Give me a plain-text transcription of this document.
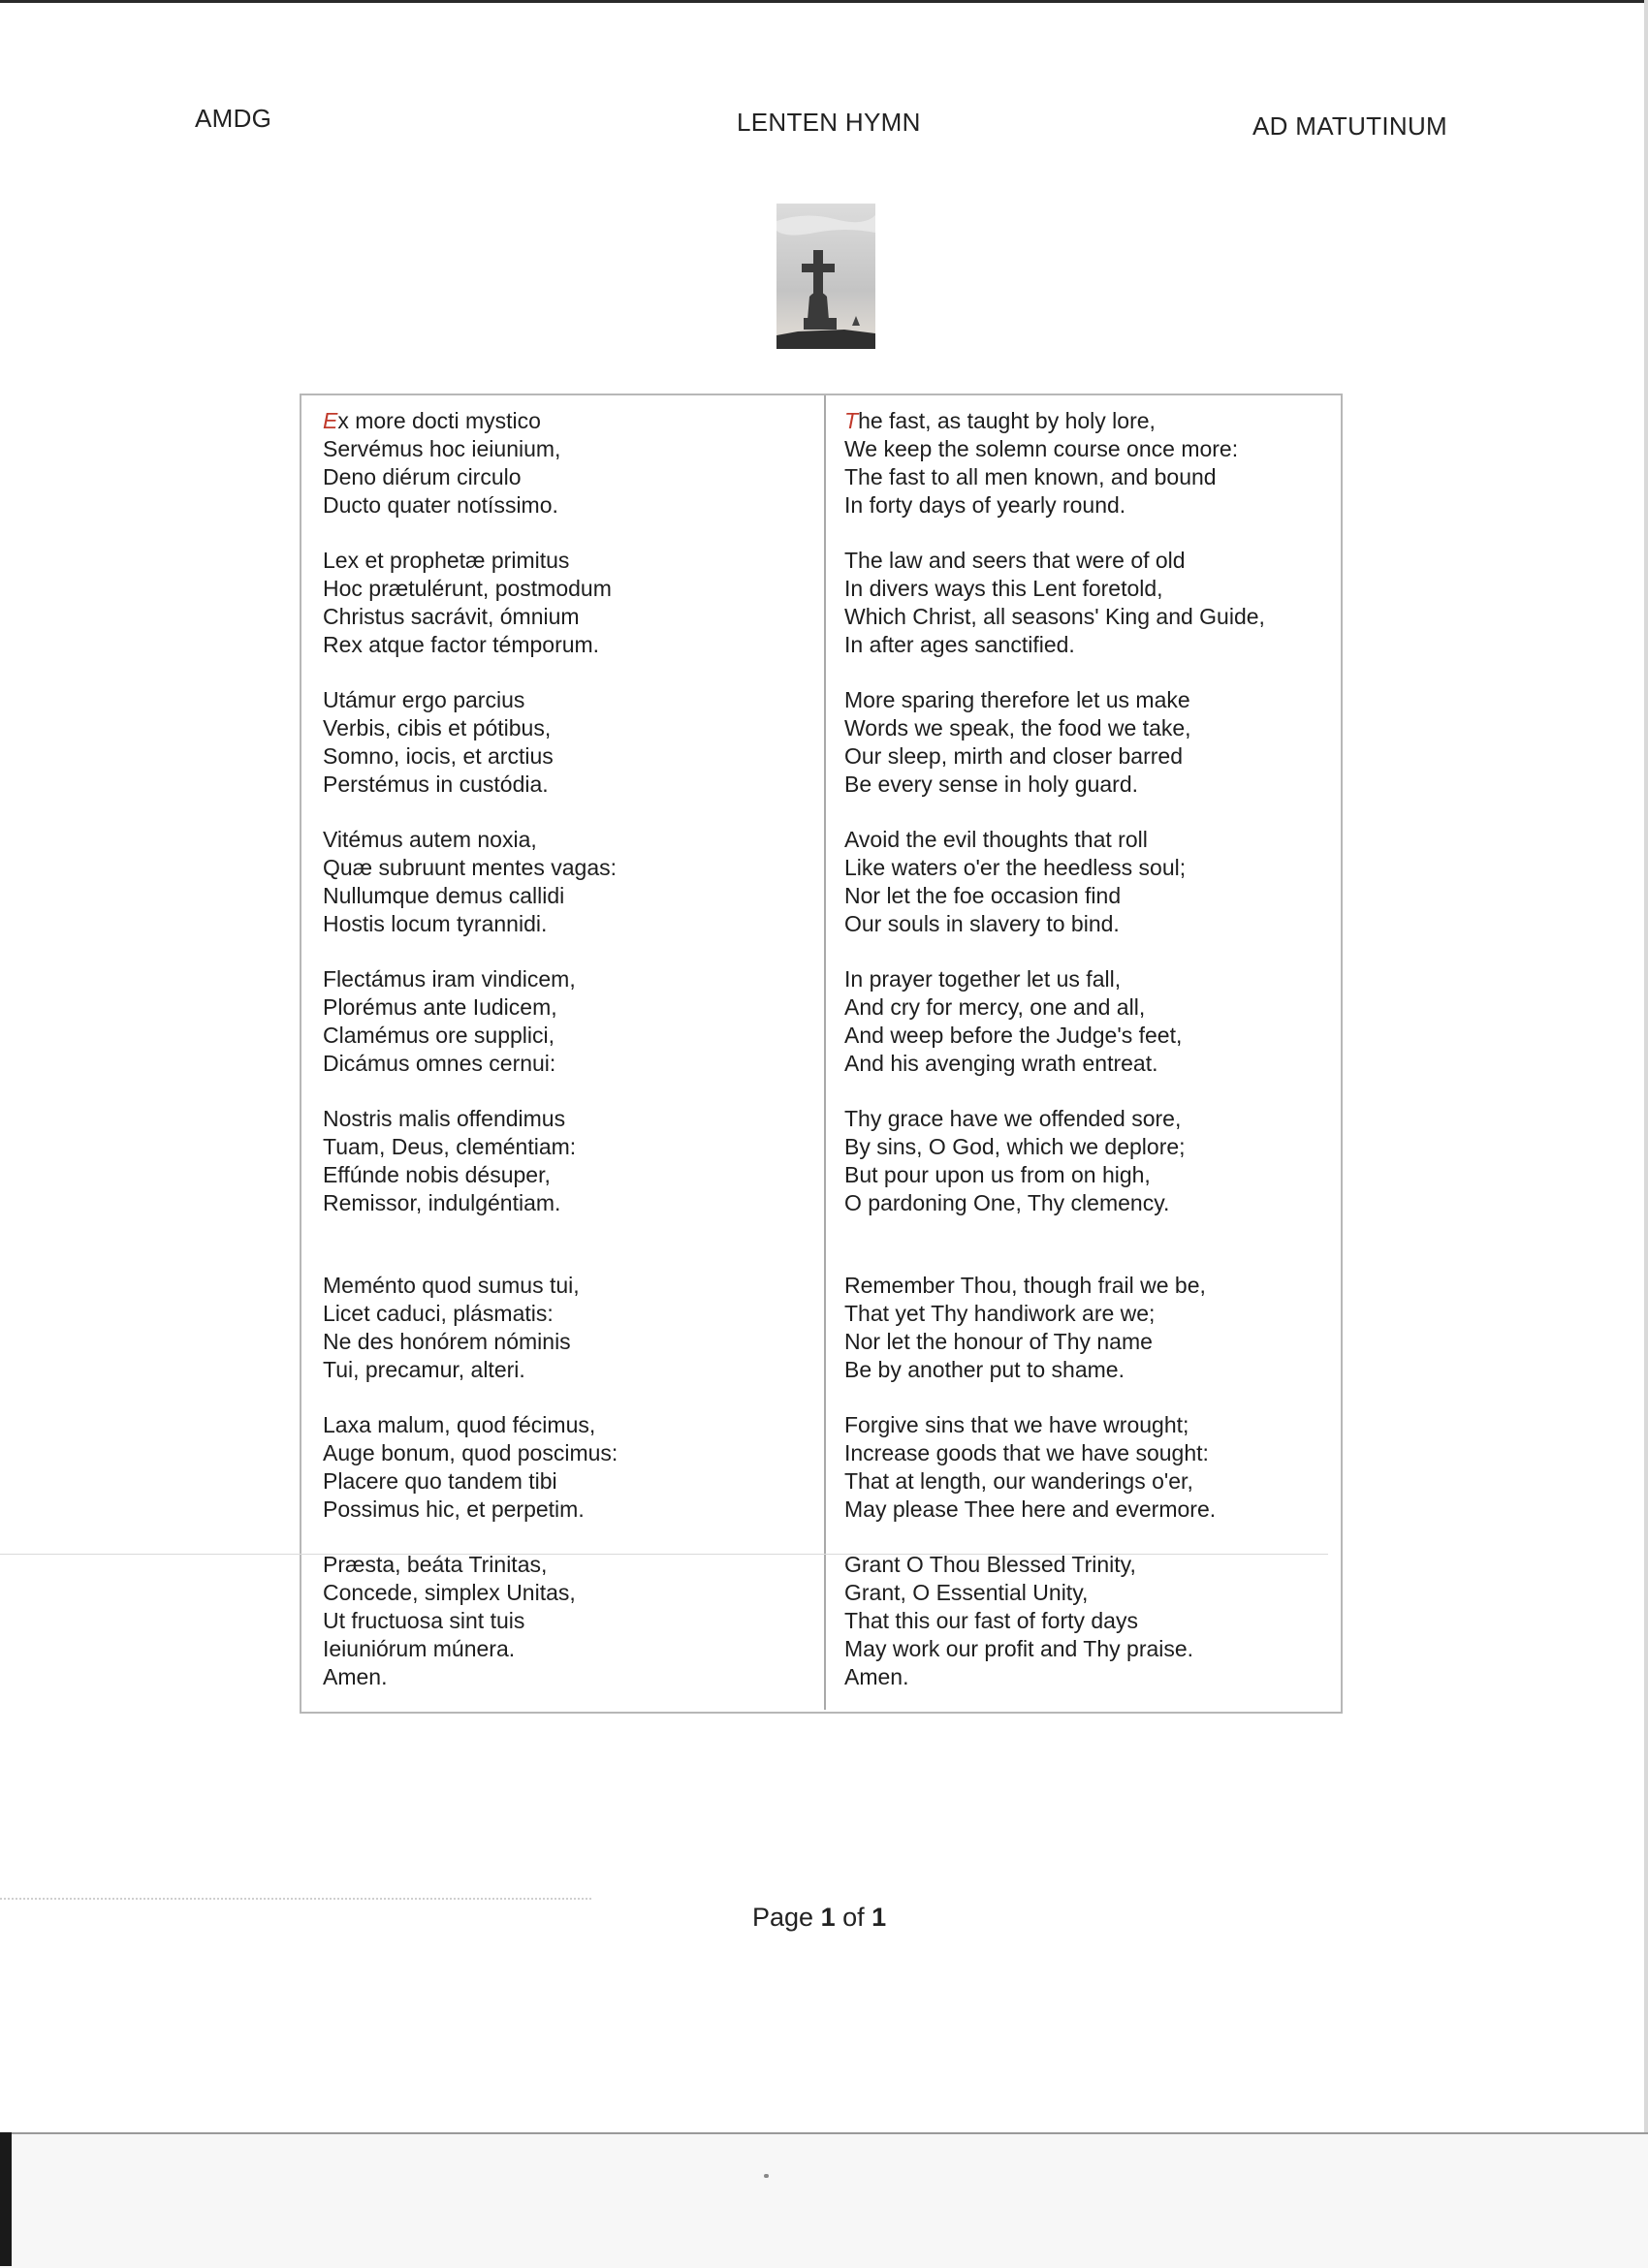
AMDG	LENTEN HYMN	AD MATUTINUM
Ex more docti mystico
Servémus hoc ieiunium,
Deno diérum circulo
Ducto quater notíssimo.
Lex et prophetæ primitus
Hoc prætulérunt, postmodum
Christus sacrávit, ómnium
Rex atque factor témporum.
Utámur ergo parcius
Verbis, cibis et pótibus,
Somno, iocis, et arctius
Perstémus in custódia.
Vitémus autem noxia,
Quæ subruunt mentes vagas:
Nullumque demus callidi
Hostis locum tyrannidi.
Flectámus iram vindicem,
Plorémus ante Iudicem,
Clamémus ore supplici,
Dicámus omnes cernui:
Nostris malis offendimus
Tuam, Deus, cleméntiam:
Effúnde nobis désuper,
Remissor, indulgéntiam.
Meménto quod sumus tui,
Licet caduci, plásmatis:
Ne des honórem nóminis
Tui, precamur, alteri.
Laxa malum, quod fécimus,
Auge bonum, quod poscimus:
Placere quo tandem tibi
Possimus hic, et perpetim.
Præsta, beáta Trinitas,
Concede, simplex Unitas,
Ut fructuosa sint tuis
Ieiuniórum múnera.
Amen.
The fast, as taught by holy lore,
We keep the solemn course once more:
The fast to all men known, and bound
In forty days of yearly round.
The law and seers that were of old
In divers ways this Lent foretold,
Which Christ, all seasons' King and Guide,
In after ages sanctified.
More sparing therefore let us make
Words we speak, the food we take,
Our sleep, mirth and closer barred
Be every sense in holy guard.
Avoid the evil thoughts that roll
Like waters o'er the heedless soul;
Nor let the foe occasion find
Our souls in slavery to bind.
In prayer together let us fall,
And cry for mercy, one and all,
And weep before the Judge's feet,
And his avenging wrath entreat.
Thy grace have we offended sore,
By sins, O God, which we deplore;
But pour upon us from on high,
O pardoning One, Thy clemency.
Remember Thou, though frail we be,
That yet Thy handiwork are we;
Nor let the honour of Thy name
Be by another put to shame.
Forgive sins that we have wrought;
Increase goods that we have sought:
That at length, our wanderings o'er,
May please Thee here and evermore.
Grant O Thou Blessed Trinity,
Grant, O Essential Unity,
That this our fast of forty days
May work our profit and Thy praise.
Amen.
Page 1 of 1
